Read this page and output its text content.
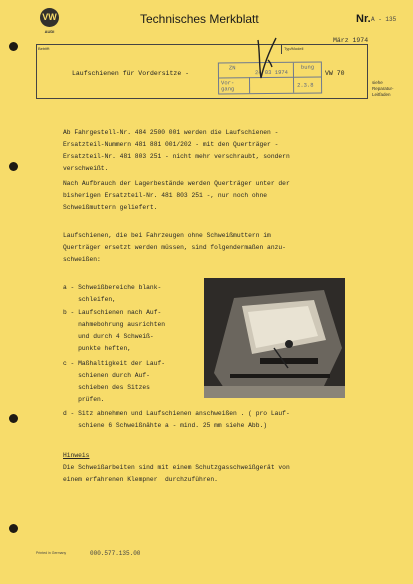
VW
AUDI
Technisches Merkblatt	Nr. A - 135
März 1974
Betrifft	Typ/Modell
Laufschienen für Vordersitze -	VW 70
ZN
24 03 1974
bung
Vor-
gang
2.3.8	siehe
Reparatur-
Leitfaden
Ab Fahrgestell-Nr. 484 2500 001 werden die Laufschienen -
Ersatzteil-Nummern 481 881 001/202 - mit den Querträger -
Ersatzteil-Nr. 481 803 251 - nicht mehr verschraubt, sondern
verschweißt.
Nach Aufbrauch der Lagerbestände werden Querträger unter der
bisherigen Ersatzteil-Nr. 481 803 251 -, nur noch ohne
Schweißmuttern geliefert.
Laufschienen, die bei Fahrzeugen ohne Schweißmuttern im
Querträger ersetzt werden müssen, sind folgendermaßen anzu-
schweißen:
a - Schweißbereiche blank-
schleifen,
b - Laufschienen nach Auf-
nahmebohrung ausrichten
und durch 4 Schweiß-
punkte heften,
c - Maßhaltigkeit der Lauf-
schienen durch Auf-
schieben des Sitzes
prüfen.
d - Sitz abnehmen und Laufschienen anschweißen . ( pro Lauf-
schiene 6 Schweißnähte a - mind. 25 mm siehe Abb.)
Hinweis
Die Schweißarbeiten sind mit einem Schutzgasschweißgerät von
einem erfahrenen Klempner  durchzuführen.
Printed in Germany	000.577.135.00
